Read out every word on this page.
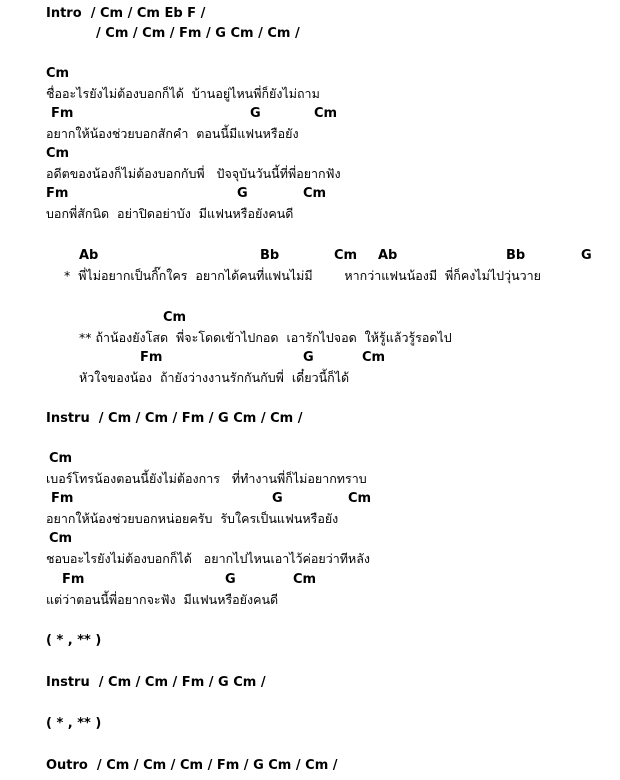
Intro  / Cm / Cm Eb F /
/ Cm / Cm / Fm / G Cm / Cm /
Cm
ชื่ออะไรยังไม่ต้องบอกก็ได้  บ้านอยู่ไหนพี่ก็ยังไม่ถาม
Fm	G	Cm
อยากให้น้องช่วยบอกสักคำ  ตอนนี้มีแฟนหรือยัง
Cm
อดีตของน้องก็ไม่ต้องบอกกับพี่   ปัจจุบันวันนี้ที่พี่อยากฟัง
Fm	G	Cm
บอกพี่สักนิด  อย่าปิดอย่าบัง  มีแฟนหรือยังคนดี
Ab	Bb	Cm Ab	Bb	G
*  พี่ไม่อยากเป็นกิ๊กใคร  อยากได้คนที่แฟนไม่มี        หากว่าแฟนน้องมี  พี่ก็คงไม่ไปวุ่นวาย
Cm
** ถ้าน้องยังโสด  พี่จะโดดเข้าไปกอด  เอารักไปจอด  ให้รู้แล้วรู้รอดไป
Fm	G	Cm
หัวใจของน้อง  ถ้ายังว่างงานรักกันกับพี่  เดี๋ยวนี้ก็ได้
Instru  / Cm / Cm / Fm / G Cm / Cm /
Cm
เบอร์โทรน้องตอนนี้ยังไม่ต้องการ   ที่ทำงานพี่ก็ไม่อยากทราบ
Fm	G	Cm
อยากให้น้องช่วยบอกหน่อยครับ  รับใครเป็นแฟนหรือยัง
Cm
ชอบอะไรยังไม่ต้องบอกก็ได้   อยากไปไหนเอาไว้ค่อยว่าทีหลัง
Fm	G	Cm
แต่ว่าตอนนี้พี่อยากจะฟัง  มีแฟนหรือยังคนดี
( * , ** )
Instru  / Cm / Cm / Fm / G Cm /
( * , ** )
Outro  / Cm / Cm / Cm / Fm / G Cm / Cm /
